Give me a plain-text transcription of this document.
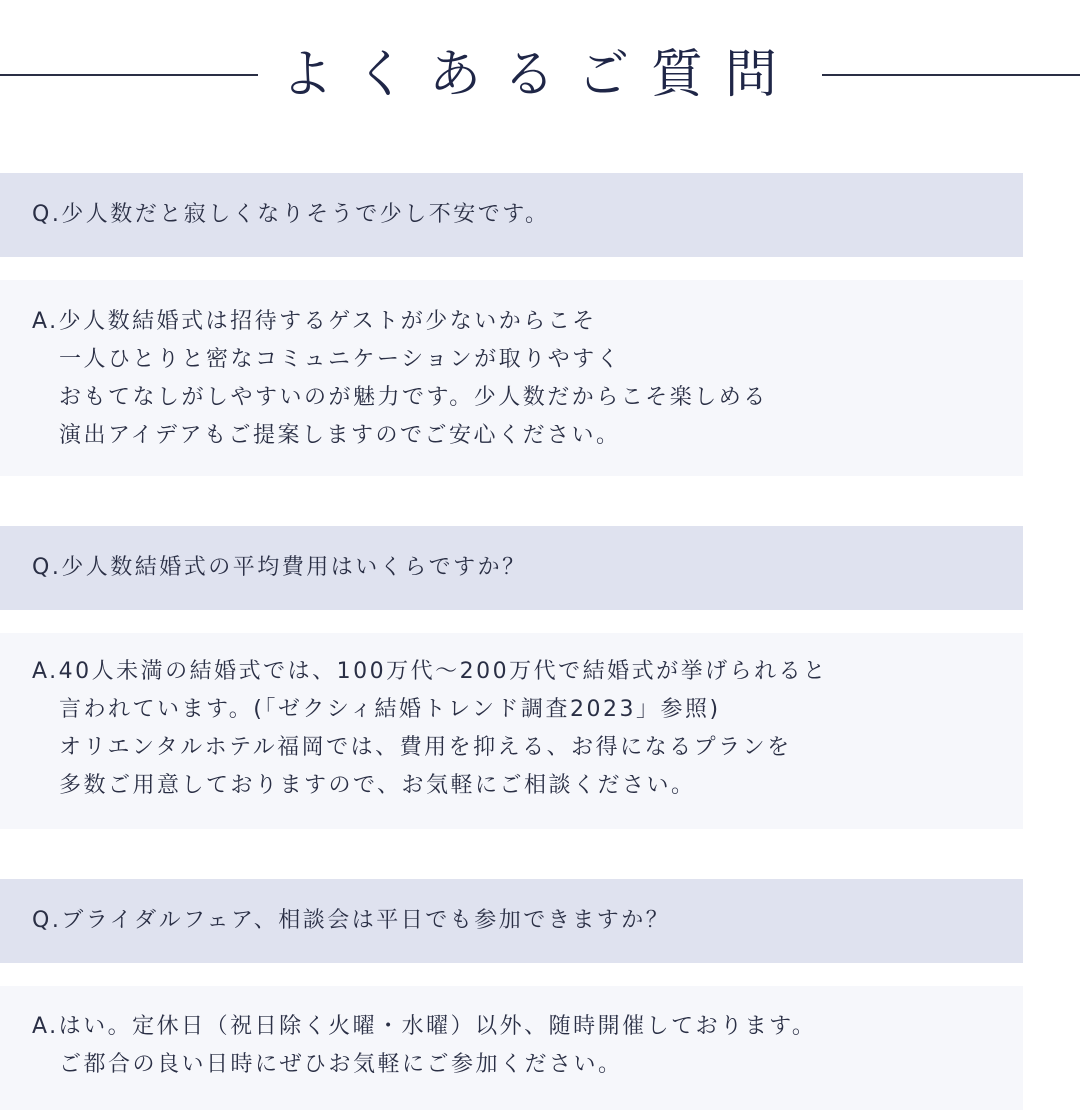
よくあるご質問
Q.少人数だと寂しくなりそうで少し不安です。
A.少人数結婚式は招待するゲストが少ないからこそ
一人ひとりと密なコミュニケーションが取りやすく
おもてなしがしやすいのが魅力です。少人数だからこそ楽しめる
演出アイデアもご提案しますのでご安心ください。
Q.少人数結婚式の平均費用はいくらですか？
A.40人未満の結婚式では、100万代〜200万代で結婚式が挙げられると
言われています。(「ゼクシィ結婚トレンド調査2023」参照)
オリエンタルホテル福岡では、費用を抑える、お得になるプランを
多数ご用意しておりますので、お気軽にご相談ください。
Q.ブライダルフェア、相談会は平日でも参加できますか？
A.はい。定休日（祝日除く火曜・水曜）以外、随時開催しております。
ご都合の良い日時にぜひお気軽にご参加ください。
